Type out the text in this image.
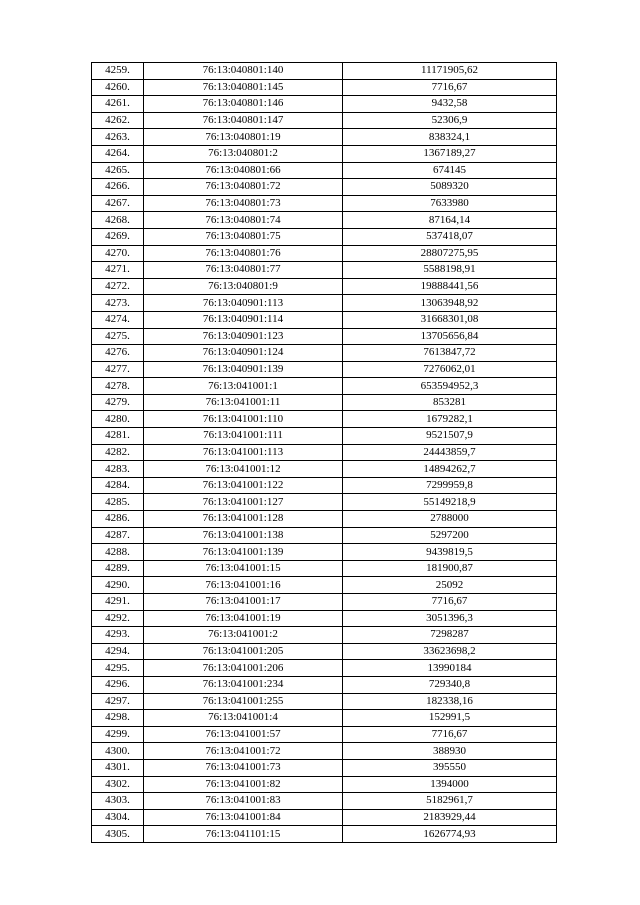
4259.	76:13:040801:140	11171905,62
4260.	76:13:040801:145	7716,67
4261.	76:13:040801:146	9432,58
4262.	76:13:040801:147	52306,9
4263.	76:13:040801:19	838324,1
4264.	76:13:040801:2	1367189,27
4265.	76:13:040801:66	674145
4266.	76:13:040801:72	5089320
4267.	76:13:040801:73	7633980
4268.	76:13:040801:74	87164,14
4269.	76:13:040801:75	537418,07
4270.	76:13:040801:76	28807275,95
4271.	76:13:040801:77	5588198,91
4272.	76:13:040801:9	19888441,56
4273.	76:13:040901:113	13063948,92
4274.	76:13:040901:114	31668301,08
4275.	76:13:040901:123	13705656,84
4276.	76:13:040901:124	7613847,72
4277.	76:13:040901:139	7276062,01
4278.	76:13:041001:1	653594952,3
4279.	76:13:041001:11	853281
4280.	76:13:041001:110	1679282,1
4281.	76:13:041001:111	9521507,9
4282.	76:13:041001:113	24443859,7
4283.	76:13:041001:12	14894262,7
4284.	76:13:041001:122	7299959,8
4285.	76:13:041001:127	55149218,9
4286.	76:13:041001:128	2788000
4287.	76:13:041001:138	5297200
4288.	76:13:041001:139	9439819,5
4289.	76:13:041001:15	181900,87
4290.	76:13:041001:16	25092
4291.	76:13:041001:17	7716,67
4292.	76:13:041001:19	3051396,3
4293.	76:13:041001:2	7298287
4294.	76:13:041001:205	33623698,2
4295.	76:13:041001:206	13990184
4296.	76:13:041001:234	729340,8
4297.	76:13:041001:255	182338,16
4298.	76:13:041001:4	152991,5
4299.	76:13:041001:57	7716,67
4300.	76:13:041001:72	388930
4301.	76:13:041001:73	395550
4302.	76:13:041001:82	1394000
4303.	76:13:041001:83	5182961,7
4304.	76:13:041001:84	2183929,44
4305.	76:13:041101:15	1626774,93
